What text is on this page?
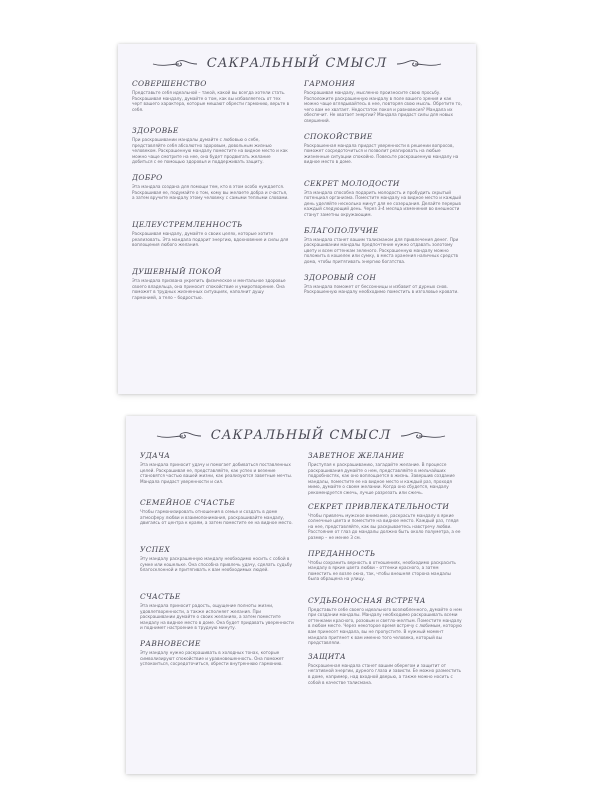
САКРАЛЬНЫЙ СМЫСЛ
СОВЕРШЕНСТВО

Представьте себя идеальной – такой, какой вы всегда хотели стать. Раскрашивая мандалу, думайте о том, как вы избавляетесь от тех черт вашего характера, которые мешают обрести гармонию, верьте в себя.

ЗДОРОВЬЕ

При раскрашивании мандалы думайте с любовью о себе, представляйте себя абсолютно здоровым, довольным жизнью человеком. Раскрашенную мандалу поместите на видное место и как можно чаще смотрите на нее, она будет продвигать желание добиться с ее помощью здоровья и поддерживать защиту.

ДОБРО

Эта мандала создана для помощи тем, кто в этом особо нуждается. Раскрашивая ее, подумайте о том, кому вы желаете добра и счастья, а затем вручите мандалу этому человеку с самыми теплыми словами.

ЦЕЛЕУСТРЕМЛЕННОСТЬ

Раскрашивая мандалу, думайте о своих целях, которые хотите реализовать. Эта мандала подарит энергию, вдохновение и силы для воплощения любого желания.

ДУШЕВНЫЙ ПОКОЙ

Эта мандала призвана укрепить физическое и ментальное здоровье своего владельца, она приносит спокойствие и умиротворение. Она поможет в трудных жизненных ситуациях, наполнит душу гармонией, а тело – бодростью.

ГАРМОНИЯ

Раскрашивая мандалу, мысленно произносите свою просьбу. Расположите раскрашенную мандалу в поле вашего зрения и как можно чаще вглядывайтесь в нее, повторяя свою мысль. Обретите то, чего вам не хватает. Недостаток покоя и равновесия? Мандала их обеспечит. Не хватает энергии? Мандала придаст силы для новых свершений.

СПОКОЙСТВИЕ

Раскрашенная мандала придаст уверенности в решении вопросов, поможет сосредоточиться и позволит реагировать на любые жизненные ситуации спокойно. Повесьте раскрашенную мандалу на видное место в доме.

СЕКРЕТ МОЛОДОСТИ

Эта мандала способна подарить молодость и пробудить скрытый потенциал организма. Поместите мандалу на видное место и каждый день уделяйте несколько минут для ее созерцания. Делайте перерыв каждый следующий день. Через 3-4 месяца изменения во внешности станут заметны окружающим.

БЛАГОПОЛУЧИЕ

Эта мандала станет вашим талисманом для привлечения денег. При раскрашивании мандалы предпочтение нужно отдавать золотому цвету и всем оттенкам зеленого. Раскрашенную мандалу можно положить в кошелек или сумку, в места хранения наличных средств дома, чтобы притягивать энергию богатства.

ЗДОРОВЫЙ СОН

Эта мандала поможет от бессонницы и избавит от дурных снов. Раскрашенную мандалу необходимо поместить в изголовье кровати.

САКРАЛЬНЫЙ СМЫСЛ
УДАЧА

Эта мандала приносит удачу и помогает добиваться поставленных целей. Раскрашивая ее, представляйте, как успех и везение становятся частью вашей жизни, как реализуются заветные мечты. Мандала придаст уверенности и сил.

СЕМЕЙНОЕ СЧАСТЬЕ

Чтобы гармонизировать отношения в семье и создать в доме атмосферу любви и взаимопонимания, раскрашивайте мандалу, двигаясь от центра к краям, а затем поместите ее на видное место.

УСПЕХ

Эту мандалу раскрашенную мандалу необходимо носить с собой в сумке или кошельке. Она способна привлечь удачу, сделать судьбу благосклонной и притягивать к вам необходимых людей.

СЧАСТЬЕ

Эта мандала приносит радость, ощущение полноты жизни, удовлетворенности, а также исполняет желания. При раскрашивании думайте о своих желаниях, а затем поместите мандалу на видное место в доме. Она будет придавать уверенности и поднимет настроение в трудную минуту.

РАВНОВЕСИЕ

Эту мандалу нужно раскрашивать в холодных тонах, которые символизируют спокойствие и уравновешенность. Она поможет успокоиться, сосредоточиться, обрести внутреннюю гармонию.

ЗАВЕТНОЕ ЖЕЛАНИЕ

Приступая к раскрашиванию, загадайте желание. В процессе раскрашивания думайте о нем, представляйте в мельчайших подробностях, как оно воплощается в жизнь. Завершив создание мандалы, поместите ее на видное место и каждый раз, проходя мимо, думайте о своем желании. Когда оно сбудется, мандалу рекомендуется сжечь, лучше разрезать или сжечь.

СЕКРЕТ ПРИВЛЕКАТЕЛЬНОСТИ

Чтобы привлечь мужское внимание, раскрасьте мандалу в яркие солнечные цвета и поместите на видное место. Каждый раз, глядя на нее, представляйте, как вы раскрываетесь навстречу любви. Расстояние от глаз до мандалы должно быть около полуметра, а ее размер – не менее 3 см.

ПРЕДАННОСТЬ

Чтобы сохранить верность в отношениях, необходимо раскрасить мандалу в яркие цвета любви – оттенки красного, а затем поместить ее возле окна, так, чтобы внешняя сторона мандалы была обращена на улицу.

СУДЬБОНОСНАЯ ВСТРЕЧА

Представьте себе своего идеального возлюбленного, думайте о нем при создании мандалы. Мандалу необходимо раскрашивать всеми оттенками красного, розовым и светло-желтым. Поместите мандалу в любом месте. Через некоторое время встречу с любимым, которую вам принесет мандала, вы не пропустите. В нужный момент мандала притянет к вам именно того человека, который вы представляли.

ЗАЩИТА

Раскрашенная мандала станет вашим оберегом и защитит от негативной энергии, дурного глаза и зависти. Ее можно разместить в доме, например, над входной дверью, а также можно носить с собой в качестве талисмана.
